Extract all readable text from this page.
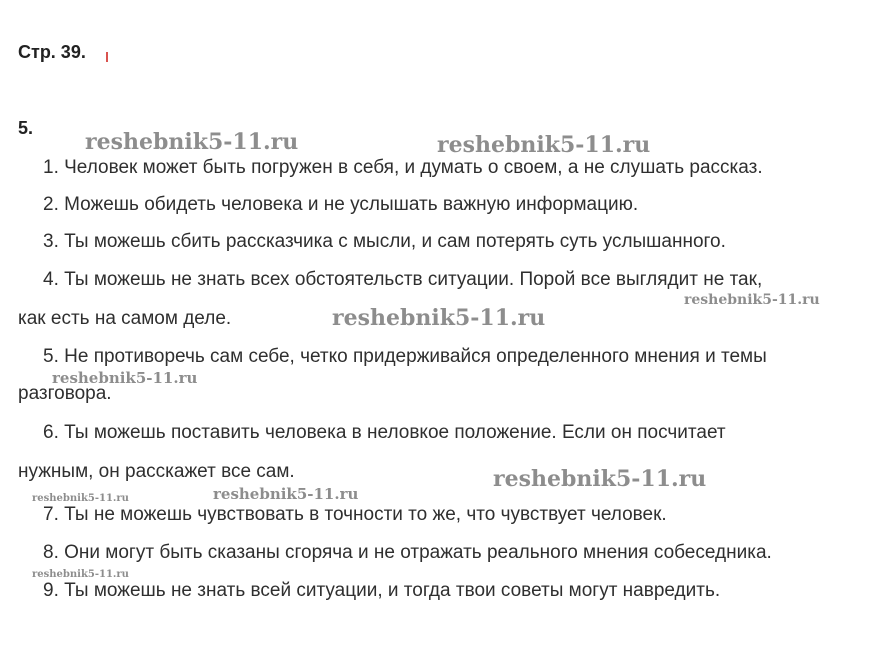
Стр. 39.
5.
1. Человек может быть погружен в себя, и думать о своем, а не слушать рассказ.
2. Можешь обидеть человека и не услышать важную информацию.
3. Ты можешь сбить рассказчика с мысли, и сам потерять суть услышанного.
4. Ты можешь не знать всех обстоятельств ситуации. Порой все выглядит не так,
как есть на самом деле.
5. Не противоречь сам себе, четко придерживайся определенного мнения и темы
разговора.
6. Ты можешь поставить человека в неловкое положение. Если он посчитает
нужным, он расскажет все сам.
7. Ты не можешь чувствовать в точности то же, что чувствует человек.
8. Они могут быть сказаны сгоряча и не отражать реального мнения собеседника.
9. Ты можешь не знать всей ситуации, и тогда твои советы могут навредить.
reshebnik5-11.ru	reshebnik5-11.ru
reshebnik5-11.ru
reshebnik5-11.ru
reshebnik5-11.ru
reshebnik5-11.ru
reshebnik5-11.ru
reshebnik5-11.ru
reshebnik5-11.ru
